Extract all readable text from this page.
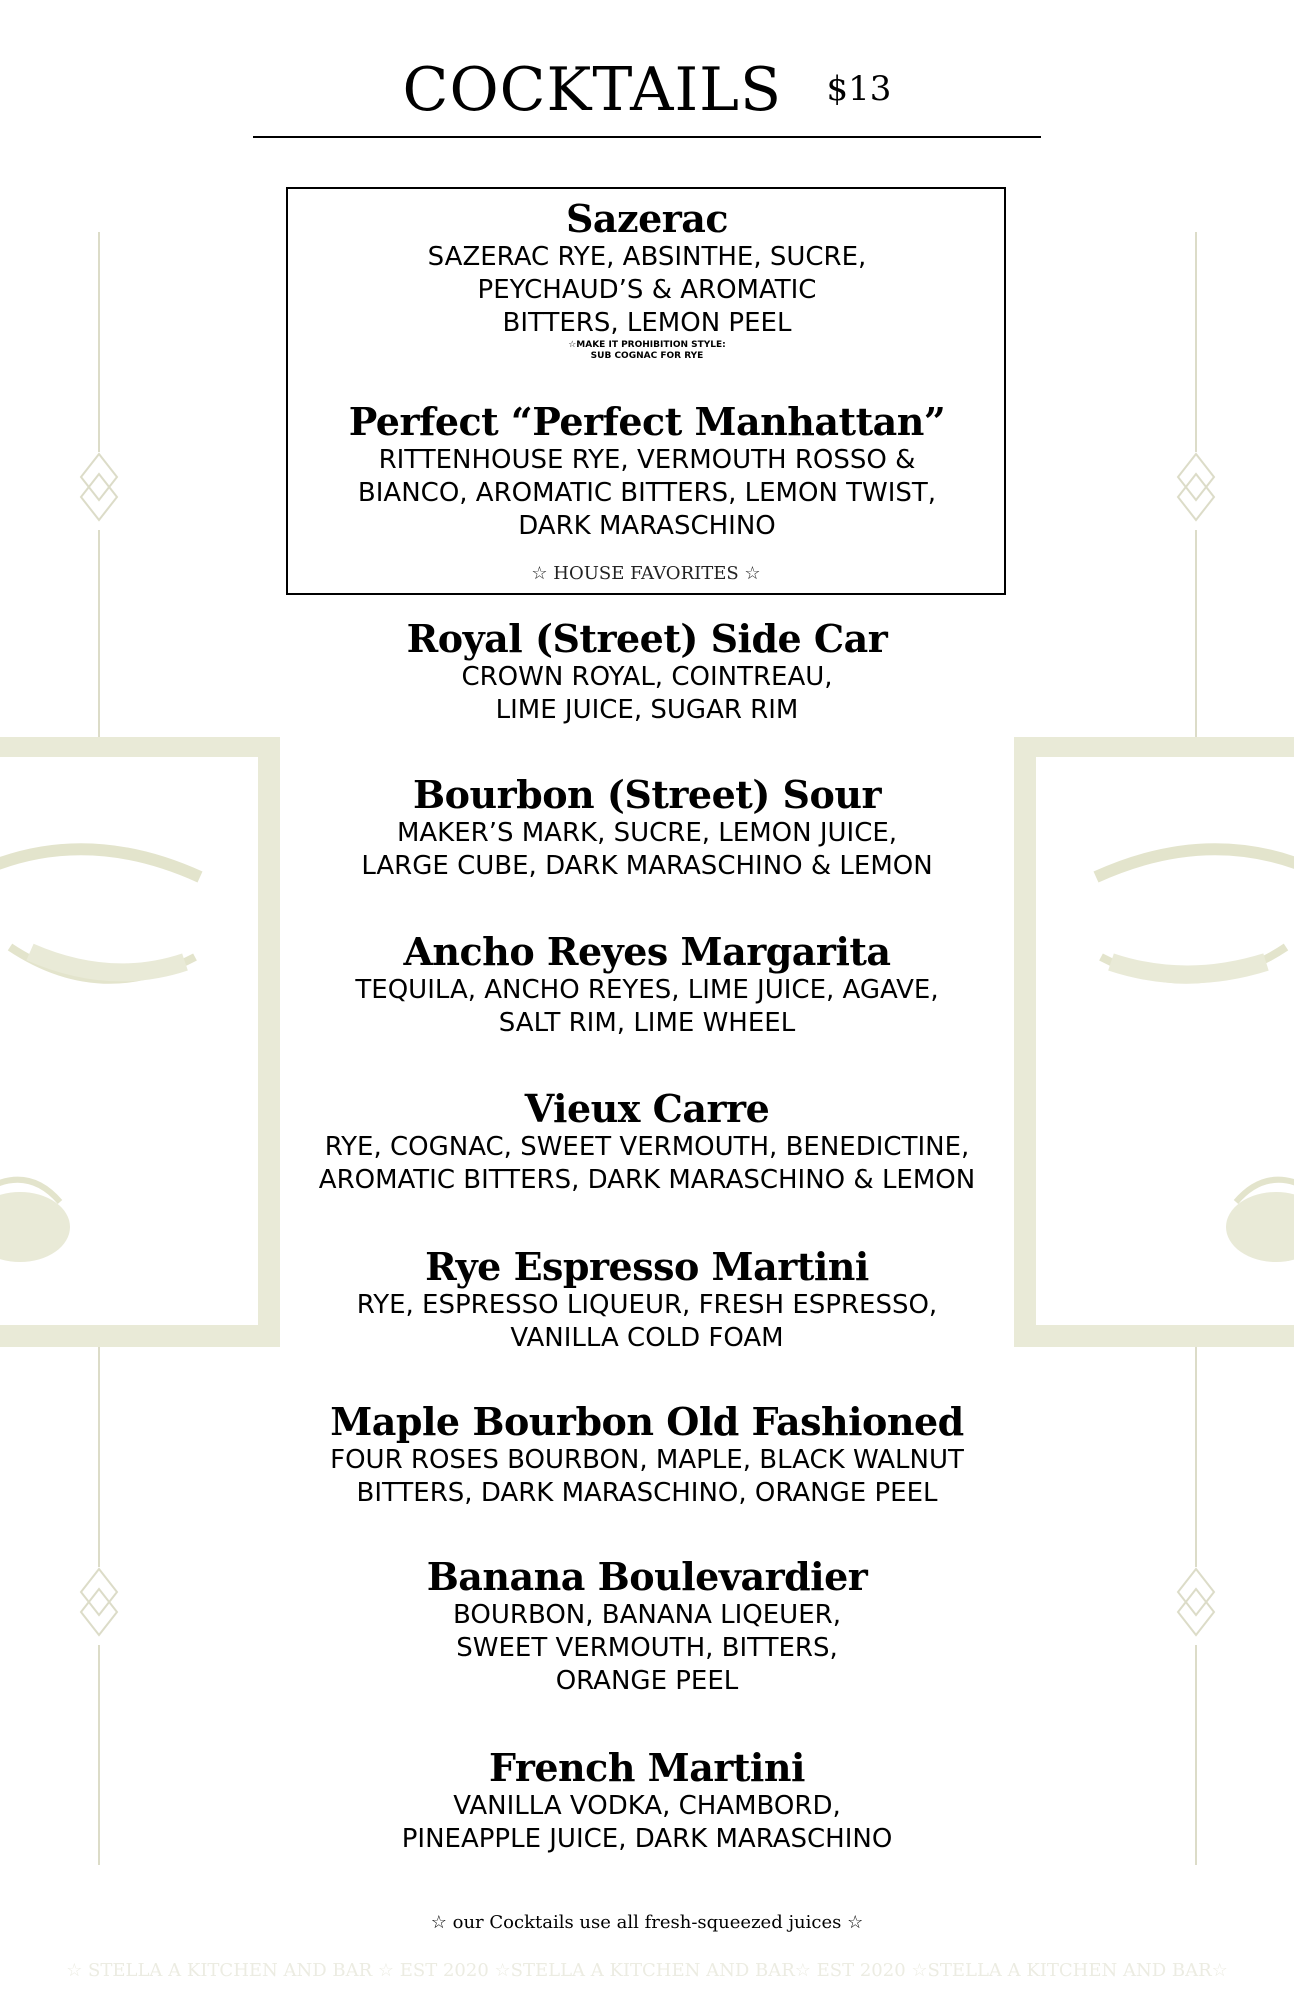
COCKTAILS $13
☆ HOUSE FAVORITES ☆
Sazerac
SAZERAC RYE, ABSINTHE, SUCRE,
PEYCHAUD’S & AROMATIC
BITTERS, LEMON PEEL
☆MAKE IT PROHIBITION STYLE:
SUB COGNAC FOR RYE
Perfect “Perfect Manhattan”
RITTENHOUSE RYE, VERMOUTH ROSSO &
BIANCO, AROMATIC BITTERS, LEMON TWIST,
DARK MARASCHINO
Royal (Street) Side Car
CROWN ROYAL, COINTREAU,
LIME JUICE, SUGAR RIM
Bourbon (Street) Sour
MAKER’S MARK, SUCRE, LEMON JUICE,
LARGE CUBE, DARK MARASCHINO & LEMON
Ancho Reyes Margarita
TEQUILA, ANCHO REYES, LIME JUICE, AGAVE,
SALT RIM, LIME WHEEL
Vieux Carre
RYE, COGNAC, SWEET VERMOUTH, BENEDICTINE,
AROMATIC BITTERS, DARK MARASCHINO & LEMON
Rye Espresso Martini
RYE, ESPRESSO LIQUEUR, FRESH ESPRESSO,
VANILLA COLD FOAM
Maple Bourbon Old Fashioned
FOUR ROSES BOURBON, MAPLE, BLACK WALNUT
BITTERS, DARK MARASCHINO, ORANGE PEEL
Banana Boulevardier
BOURBON, BANANA LIQEUER,
SWEET VERMOUTH, BITTERS,
ORANGE PEEL
French Martini
VANILLA VODKA, CHAMBORD,
PINEAPPLE JUICE, DARK MARASCHINO
☆ our Cocktails use all fresh-squeezed juices ☆
☆ STELLA A KITCHEN AND BAR ☆ EST 2020 ☆STELLA A KITCHEN AND BAR☆ EST 2020 ☆STELLA A KITCHEN AND BAR☆
